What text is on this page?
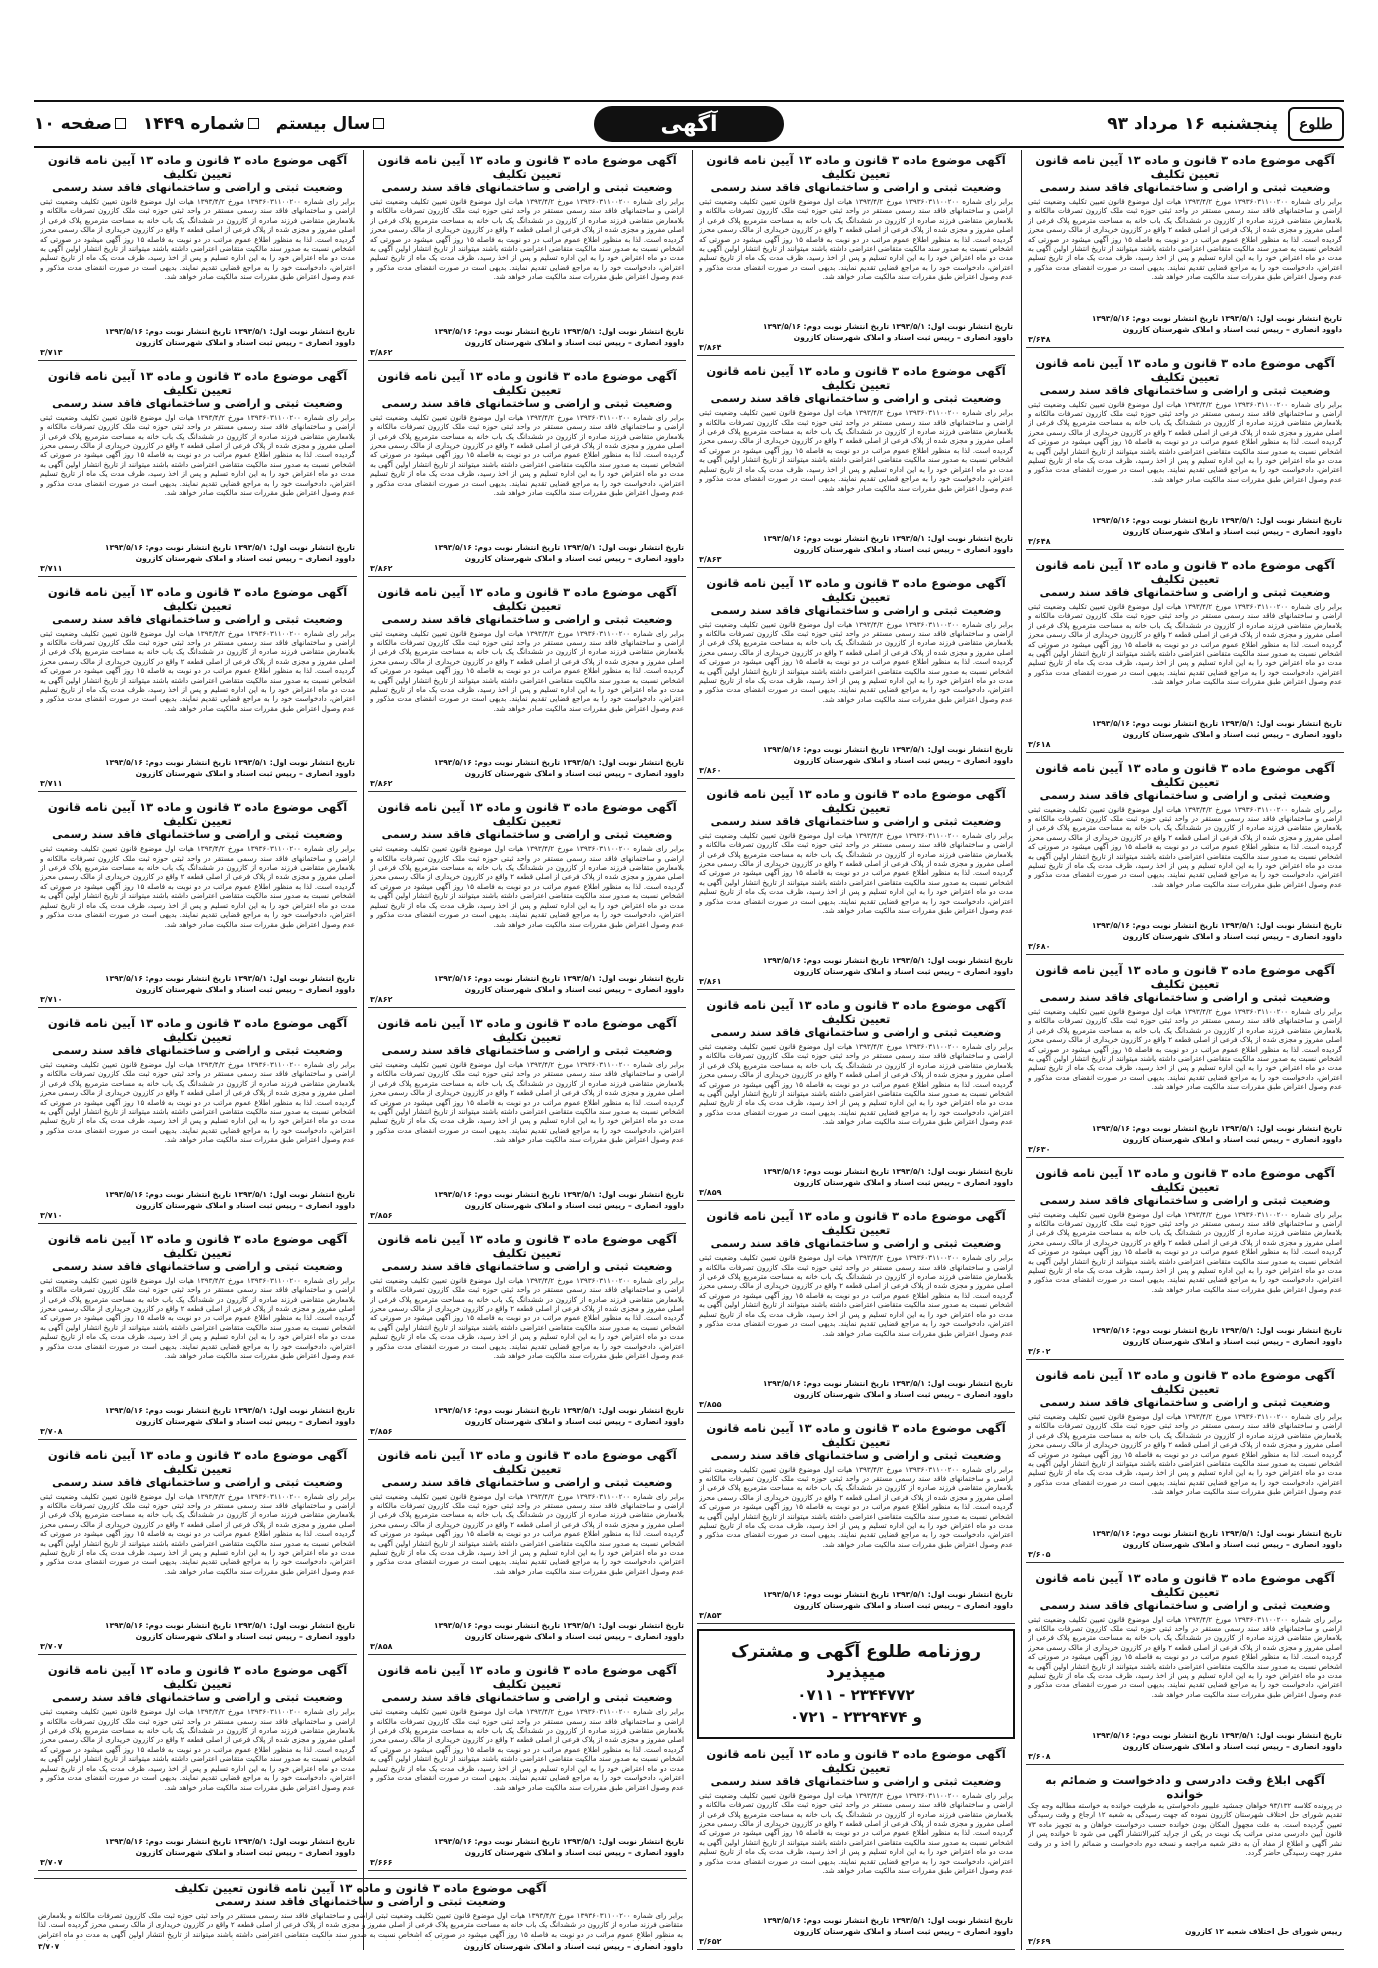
طلوع
پنجشنبه ۱۶ مرداد ۹۳
آگهی
سال بیستم
شماره ۱۴۴۹
صفحه ۱۰
آگهی موضوع ماده ۳ قانون و ماده ۱۳ آیین نامه قانون تعیین تکلیف
وضعیت ثبتی و اراضی و ساختمانهای فاقد سند رسمی
برابر رای شماره ۱۳۹۳۶۰۳۱۱۰۰۲۰۰ مورخ ۱۳۹۳/۴/۲ هیات اول موضوع قانون تعیین تکلیف وضعیت ثبتی اراضی و ساختمانهای فاقد سند رسمی مستقر در واحد ثبتی حوزه ثبت ملک کازرون تصرفات مالکانه و بلامعارض متقاضی فرزند صادره از کازرون در ششدانگ یک باب خانه به مساحت مترمربع پلاک فرعی از اصلی مفروز و مجزی شده از پلاک فرعی از اصلی قطعه ۲ واقع در کازرون خریداری از مالک رسمی محرز گردیده است. لذا به منظور اطلاع عموم مراتب در دو نوبت به فاصله ۱۵ روز آگهی میشود در صورتی که اشخاص نسبت به صدور سند مالکیت متقاضی اعتراضی داشته باشند میتوانند از تاریخ انتشار اولین آگهی به مدت دو ماه اعتراض خود را به این اداره تسلیم و پس از اخذ رسید، ظرف مدت یک ماه از تاریخ تسلیم اعتراض، دادخواست خود را به مراجع قضایی تقدیم نمایند. بدیهی است در صورت انقضای مدت مذکور و عدم وصول اعتراض طبق مقررات سند مالکیت صادر خواهد شد.
تاریخ انتشار نوبت اول: ۱۳۹۳/۵/۱ تاریخ انتشار نوبت دوم: ۱۳۹۳/۵/۱۶
داوود انصاری – رییس ثبت اسناد و املاک شهرستان کازرون
۳/۶۴۸
آگهی موضوع ماده ۳ قانون و ماده ۱۳ آیین نامه قانون تعیین تکلیف
وضعیت ثبتی و اراضی و ساختمانهای فاقد سند رسمی
برابر رای شماره ۱۳۹۳۶۰۳۱۱۰۰۲۰۰ مورخ ۱۳۹۳/۴/۲ هیات اول موضوع قانون تعیین تکلیف وضعیت ثبتی اراضی و ساختمانهای فاقد سند رسمی مستقر در واحد ثبتی حوزه ثبت ملک کازرون تصرفات مالکانه و بلامعارض متقاضی فرزند صادره از کازرون در ششدانگ یک باب خانه به مساحت مترمربع پلاک فرعی از اصلی مفروز و مجزی شده از پلاک فرعی از اصلی قطعه ۲ واقع در کازرون خریداری از مالک رسمی محرز گردیده است. لذا به منظور اطلاع عموم مراتب در دو نوبت به فاصله ۱۵ روز آگهی میشود در صورتی که اشخاص نسبت به صدور سند مالکیت متقاضی اعتراضی داشته باشند میتوانند از تاریخ انتشار اولین آگهی به مدت دو ماه اعتراض خود را به این اداره تسلیم و پس از اخذ رسید، ظرف مدت یک ماه از تاریخ تسلیم اعتراض، دادخواست خود را به مراجع قضایی تقدیم نمایند. بدیهی است در صورت انقضای مدت مذکور و عدم وصول اعتراض طبق مقررات سند مالکیت صادر خواهد شد.
تاریخ انتشار نوبت اول: ۱۳۹۳/۵/۱ تاریخ انتشار نوبت دوم: ۱۳۹۳/۵/۱۶
داوود انصاری – رییس ثبت اسناد و املاک شهرستان کازرون
۳/۶۴۸
آگهی موضوع ماده ۳ قانون و ماده ۱۳ آیین نامه قانون تعیین تکلیف
وضعیت ثبتی و اراضی و ساختمانهای فاقد سند رسمی
برابر رای شماره ۱۳۹۳۶۰۳۱۱۰۰۲۰۰ مورخ ۱۳۹۳/۴/۲ هیات اول موضوع قانون تعیین تکلیف وضعیت ثبتی اراضی و ساختمانهای فاقد سند رسمی مستقر در واحد ثبتی حوزه ثبت ملک کازرون تصرفات مالکانه و بلامعارض متقاضی فرزند صادره از کازرون در ششدانگ یک باب خانه به مساحت مترمربع پلاک فرعی از اصلی مفروز و مجزی شده از پلاک فرعی از اصلی قطعه ۲ واقع در کازرون خریداری از مالک رسمی محرز گردیده است. لذا به منظور اطلاع عموم مراتب در دو نوبت به فاصله ۱۵ روز آگهی میشود در صورتی که اشخاص نسبت به صدور سند مالکیت متقاضی اعتراضی داشته باشند میتوانند از تاریخ انتشار اولین آگهی به مدت دو ماه اعتراض خود را به این اداره تسلیم و پس از اخذ رسید، ظرف مدت یک ماه از تاریخ تسلیم اعتراض، دادخواست خود را به مراجع قضایی تقدیم نمایند. بدیهی است در صورت انقضای مدت مذکور و عدم وصول اعتراض طبق مقررات سند مالکیت صادر خواهد شد.
تاریخ انتشار نوبت اول: ۱۳۹۳/۵/۱ تاریخ انتشار نوبت دوم: ۱۳۹۳/۵/۱۶
داوود انصاری – رییس ثبت اسناد و املاک شهرستان کازرون
۳/۶۱۸
آگهی موضوع ماده ۳ قانون و ماده ۱۳ آیین نامه قانون تعیین تکلیف
وضعیت ثبتی و اراضی و ساختمانهای فاقد سند رسمی
برابر رای شماره ۱۳۹۳۶۰۳۱۱۰۰۲۰۰ مورخ ۱۳۹۳/۴/۲ هیات اول موضوع قانون تعیین تکلیف وضعیت ثبتی اراضی و ساختمانهای فاقد سند رسمی مستقر در واحد ثبتی حوزه ثبت ملک کازرون تصرفات مالکانه و بلامعارض متقاضی فرزند صادره از کازرون در ششدانگ یک باب خانه به مساحت مترمربع پلاک فرعی از اصلی مفروز و مجزی شده از پلاک فرعی از اصلی قطعه ۲ واقع در کازرون خریداری از مالک رسمی محرز گردیده است. لذا به منظور اطلاع عموم مراتب در دو نوبت به فاصله ۱۵ روز آگهی میشود در صورتی که اشخاص نسبت به صدور سند مالکیت متقاضی اعتراضی داشته باشند میتوانند از تاریخ انتشار اولین آگهی به مدت دو ماه اعتراض خود را به این اداره تسلیم و پس از اخذ رسید، ظرف مدت یک ماه از تاریخ تسلیم اعتراض، دادخواست خود را به مراجع قضایی تقدیم نمایند. بدیهی است در صورت انقضای مدت مذکور و عدم وصول اعتراض طبق مقررات سند مالکیت صادر خواهد شد.
تاریخ انتشار نوبت اول: ۱۳۹۳/۵/۱ تاریخ انتشار نوبت دوم: ۱۳۹۳/۵/۱۶
داوود انصاری – رییس ثبت اسناد و املاک شهرستان کازرون
۳/۶۸۰
آگهی موضوع ماده ۳ قانون و ماده ۱۳ آیین نامه قانون تعیین تکلیف
وضعیت ثبتی و اراضی و ساختمانهای فاقد سند رسمی
برابر رای شماره ۱۳۹۳۶۰۳۱۱۰۰۲۰۰ مورخ ۱۳۹۳/۴/۲ هیات اول موضوع قانون تعیین تکلیف وضعیت ثبتی اراضی و ساختمانهای فاقد سند رسمی مستقر در واحد ثبتی حوزه ثبت ملک کازرون تصرفات مالکانه و بلامعارض متقاضی فرزند صادره از کازرون در ششدانگ یک باب خانه به مساحت مترمربع پلاک فرعی از اصلی مفروز و مجزی شده از پلاک فرعی از اصلی قطعه ۲ واقع در کازرون خریداری از مالک رسمی محرز گردیده است. لذا به منظور اطلاع عموم مراتب در دو نوبت به فاصله ۱۵ روز آگهی میشود در صورتی که اشخاص نسبت به صدور سند مالکیت متقاضی اعتراضی داشته باشند میتوانند از تاریخ انتشار اولین آگهی به مدت دو ماه اعتراض خود را به این اداره تسلیم و پس از اخذ رسید، ظرف مدت یک ماه از تاریخ تسلیم اعتراض، دادخواست خود را به مراجع قضایی تقدیم نمایند. بدیهی است در صورت انقضای مدت مذکور و عدم وصول اعتراض طبق مقررات سند مالکیت صادر خواهد شد.
تاریخ انتشار نوبت اول: ۱۳۹۳/۵/۱ تاریخ انتشار نوبت دوم: ۱۳۹۳/۵/۱۶
داوود انصاری – رییس ثبت اسناد و املاک شهرستان کازرون
۳/۶۳۰
آگهی موضوع ماده ۳ قانون و ماده ۱۳ آیین نامه قانون تعیین تکلیف
وضعیت ثبتی و اراضی و ساختمانهای فاقد سند رسمی
برابر رای شماره ۱۳۹۳۶۰۳۱۱۰۰۲۰۰ مورخ ۱۳۹۳/۴/۲ هیات اول موضوع قانون تعیین تکلیف وضعیت ثبتی اراضی و ساختمانهای فاقد سند رسمی مستقر در واحد ثبتی حوزه ثبت ملک کازرون تصرفات مالکانه و بلامعارض متقاضی فرزند صادره از کازرون در ششدانگ یک باب خانه به مساحت مترمربع پلاک فرعی از اصلی مفروز و مجزی شده از پلاک فرعی از اصلی قطعه ۲ واقع در کازرون خریداری از مالک رسمی محرز گردیده است. لذا به منظور اطلاع عموم مراتب در دو نوبت به فاصله ۱۵ روز آگهی میشود در صورتی که اشخاص نسبت به صدور سند مالکیت متقاضی اعتراضی داشته باشند میتوانند از تاریخ انتشار اولین آگهی به مدت دو ماه اعتراض خود را به این اداره تسلیم و پس از اخذ رسید، ظرف مدت یک ماه از تاریخ تسلیم اعتراض، دادخواست خود را به مراجع قضایی تقدیم نمایند. بدیهی است در صورت انقضای مدت مذکور و عدم وصول اعتراض طبق مقررات سند مالکیت صادر خواهد شد.
تاریخ انتشار نوبت اول: ۱۳۹۳/۵/۱ تاریخ انتشار نوبت دوم: ۱۳۹۳/۵/۱۶
داوود انصاری – رییس ثبت اسناد و املاک شهرستان کازرون
۳/۶۰۲
آگهی موضوع ماده ۳ قانون و ماده ۱۳ آیین نامه قانون تعیین تکلیف
وضعیت ثبتی و اراضی و ساختمانهای فاقد سند رسمی
برابر رای شماره ۱۳۹۳۶۰۳۱۱۰۰۲۰۰ مورخ ۱۳۹۳/۴/۲ هیات اول موضوع قانون تعیین تکلیف وضعیت ثبتی اراضی و ساختمانهای فاقد سند رسمی مستقر در واحد ثبتی حوزه ثبت ملک کازرون تصرفات مالکانه و بلامعارض متقاضی فرزند صادره از کازرون در ششدانگ یک باب خانه به مساحت مترمربع پلاک فرعی از اصلی مفروز و مجزی شده از پلاک فرعی از اصلی قطعه ۲ واقع در کازرون خریداری از مالک رسمی محرز گردیده است. لذا به منظور اطلاع عموم مراتب در دو نوبت به فاصله ۱۵ روز آگهی میشود در صورتی که اشخاص نسبت به صدور سند مالکیت متقاضی اعتراضی داشته باشند میتوانند از تاریخ انتشار اولین آگهی به مدت دو ماه اعتراض خود را به این اداره تسلیم و پس از اخذ رسید، ظرف مدت یک ماه از تاریخ تسلیم اعتراض، دادخواست خود را به مراجع قضایی تقدیم نمایند. بدیهی است در صورت انقضای مدت مذکور و عدم وصول اعتراض طبق مقررات سند مالکیت صادر خواهد شد.
تاریخ انتشار نوبت اول: ۱۳۹۳/۵/۱ تاریخ انتشار نوبت دوم: ۱۳۹۳/۵/۱۶
داوود انصاری – رییس ثبت اسناد و املاک شهرستان کازرون
۳/۶۰۵
آگهی موضوع ماده ۳ قانون و ماده ۱۳ آیین نامه قانون تعیین تکلیف
وضعیت ثبتی و اراضی و ساختمانهای فاقد سند رسمی
برابر رای شماره ۱۳۹۳۶۰۳۱۱۰۰۲۰۰ مورخ ۱۳۹۳/۴/۲ هیات اول موضوع قانون تعیین تکلیف وضعیت ثبتی اراضی و ساختمانهای فاقد سند رسمی مستقر در واحد ثبتی حوزه ثبت ملک کازرون تصرفات مالکانه و بلامعارض متقاضی فرزند صادره از کازرون در ششدانگ یک باب خانه به مساحت مترمربع پلاک فرعی از اصلی مفروز و مجزی شده از پلاک فرعی از اصلی قطعه ۲ واقع در کازرون خریداری از مالک رسمی محرز گردیده است. لذا به منظور اطلاع عموم مراتب در دو نوبت به فاصله ۱۵ روز آگهی میشود در صورتی که اشخاص نسبت به صدور سند مالکیت متقاضی اعتراضی داشته باشند میتوانند از تاریخ انتشار اولین آگهی به مدت دو ماه اعتراض خود را به این اداره تسلیم و پس از اخذ رسید، ظرف مدت یک ماه از تاریخ تسلیم اعتراض، دادخواست خود را به مراجع قضایی تقدیم نمایند. بدیهی است در صورت انقضای مدت مذکور و عدم وصول اعتراض طبق مقررات سند مالکیت صادر خواهد شد.
تاریخ انتشار نوبت اول: ۱۳۹۳/۵/۱ تاریخ انتشار نوبت دوم: ۱۳۹۳/۵/۱۶
داوود انصاری – رییس ثبت اسناد و املاک شهرستان کازرون
۳/۶۰۸
آگهی ابلاغ وقت دادرسی و دادخواست و ضمائم به خوانده
در پرونده کلاسه ۹۳/۱۳۲ خواهان جمشید علیپور دادخواستی به طرفیت خوانده به خواسته مطالبه وجه چک تقدیم شورای حل اختلاف شهرستان کازرون نموده که جهت رسیدگی به شعبه ۱۲ ارجاع و وقت رسیدگی تعیین گردیده است. به علت مجهول المکان بودن خوانده حسب درخواست خواهان و به تجویز ماده ۷۳ قانون آیین دادرسی مدنی مراتب یک نوبت در یکی از جراید کثیرالانتشار آگهی می شود تا خوانده پس از نشر آگهی و اطلاع از مفاد آن به دفتر شعبه مراجعه و نسخه دوم دادخواست و ضمائم را اخذ و در وقت مقرر جهت رسیدگی حاضر گردد.
رییس شورای حل اختلاف شعبه ۱۲ کازرون
۳/۶۶۹
آگهی موضوع ماده ۳ قانون و ماده ۱۳ آیین نامه قانون تعیین تکلیف
وضعیت ثبتی و اراضی و ساختمانهای فاقد سند رسمی
برابر رای شماره ۱۳۹۳۶۰۳۱۱۰۰۲۰۰ مورخ ۱۳۹۳/۴/۲ هیات اول موضوع قانون تعیین تکلیف وضعیت ثبتی اراضی و ساختمانهای فاقد سند رسمی مستقر در واحد ثبتی حوزه ثبت ملک کازرون تصرفات مالکانه و بلامعارض متقاضی فرزند صادره از کازرون در ششدانگ یک باب خانه به مساحت مترمربع پلاک فرعی از اصلی مفروز و مجزی شده از پلاک فرعی از اصلی قطعه ۲ واقع در کازرون خریداری از مالک رسمی محرز گردیده است. لذا به منظور اطلاع عموم مراتب در دو نوبت به فاصله ۱۵ روز آگهی میشود در صورتی که اشخاص نسبت به صدور سند مالکیت متقاضی اعتراضی داشته باشند میتوانند از تاریخ انتشار اولین آگهی به مدت دو ماه اعتراض خود را به این اداره تسلیم و پس از اخذ رسید، ظرف مدت یک ماه از تاریخ تسلیم اعتراض، دادخواست خود را به مراجع قضایی تقدیم نمایند. بدیهی است در صورت انقضای مدت مذکور و عدم وصول اعتراض طبق مقررات سند مالکیت صادر خواهد شد.
تاریخ انتشار نوبت اول: ۱۳۹۳/۵/۱ تاریخ انتشار نوبت دوم: ۱۳۹۳/۵/۱۶
داوود انصاری – رییس ثبت اسناد و املاک شهرستان کازرون
۳/۸۶۴
آگهی موضوع ماده ۳ قانون و ماده ۱۳ آیین نامه قانون تعیین تکلیف
وضعیت ثبتی و اراضی و ساختمانهای فاقد سند رسمی
برابر رای شماره ۱۳۹۳۶۰۳۱۱۰۰۲۰۰ مورخ ۱۳۹۳/۴/۲ هیات اول موضوع قانون تعیین تکلیف وضعیت ثبتی اراضی و ساختمانهای فاقد سند رسمی مستقر در واحد ثبتی حوزه ثبت ملک کازرون تصرفات مالکانه و بلامعارض متقاضی فرزند صادره از کازرون در ششدانگ یک باب خانه به مساحت مترمربع پلاک فرعی از اصلی مفروز و مجزی شده از پلاک فرعی از اصلی قطعه ۲ واقع در کازرون خریداری از مالک رسمی محرز گردیده است. لذا به منظور اطلاع عموم مراتب در دو نوبت به فاصله ۱۵ روز آگهی میشود در صورتی که اشخاص نسبت به صدور سند مالکیت متقاضی اعتراضی داشته باشند میتوانند از تاریخ انتشار اولین آگهی به مدت دو ماه اعتراض خود را به این اداره تسلیم و پس از اخذ رسید، ظرف مدت یک ماه از تاریخ تسلیم اعتراض، دادخواست خود را به مراجع قضایی تقدیم نمایند. بدیهی است در صورت انقضای مدت مذکور و عدم وصول اعتراض طبق مقررات سند مالکیت صادر خواهد شد.
تاریخ انتشار نوبت اول: ۱۳۹۳/۵/۱ تاریخ انتشار نوبت دوم: ۱۳۹۳/۵/۱۶
داوود انصاری – رییس ثبت اسناد و املاک شهرستان کازرون
۳/۸۶۳
آگهی موضوع ماده ۳ قانون و ماده ۱۳ آیین نامه قانون تعیین تکلیف
وضعیت ثبتی و اراضی و ساختمانهای فاقد سند رسمی
برابر رای شماره ۱۳۹۳۶۰۳۱۱۰۰۲۰۰ مورخ ۱۳۹۳/۴/۲ هیات اول موضوع قانون تعیین تکلیف وضعیت ثبتی اراضی و ساختمانهای فاقد سند رسمی مستقر در واحد ثبتی حوزه ثبت ملک کازرون تصرفات مالکانه و بلامعارض متقاضی فرزند صادره از کازرون در ششدانگ یک باب خانه به مساحت مترمربع پلاک فرعی از اصلی مفروز و مجزی شده از پلاک فرعی از اصلی قطعه ۲ واقع در کازرون خریداری از مالک رسمی محرز گردیده است. لذا به منظور اطلاع عموم مراتب در دو نوبت به فاصله ۱۵ روز آگهی میشود در صورتی که اشخاص نسبت به صدور سند مالکیت متقاضی اعتراضی داشته باشند میتوانند از تاریخ انتشار اولین آگهی به مدت دو ماه اعتراض خود را به این اداره تسلیم و پس از اخذ رسید، ظرف مدت یک ماه از تاریخ تسلیم اعتراض، دادخواست خود را به مراجع قضایی تقدیم نمایند. بدیهی است در صورت انقضای مدت مذکور و عدم وصول اعتراض طبق مقررات سند مالکیت صادر خواهد شد.
تاریخ انتشار نوبت اول: ۱۳۹۳/۵/۱ تاریخ انتشار نوبت دوم: ۱۳۹۳/۵/۱۶
داوود انصاری – رییس ثبت اسناد و املاک شهرستان کازرون
۳/۸۶۰
آگهی موضوع ماده ۳ قانون و ماده ۱۳ آیین نامه قانون تعیین تکلیف
وضعیت ثبتی و اراضی و ساختمانهای فاقد سند رسمی
برابر رای شماره ۱۳۹۳۶۰۳۱۱۰۰۲۰۰ مورخ ۱۳۹۳/۴/۲ هیات اول موضوع قانون تعیین تکلیف وضعیت ثبتی اراضی و ساختمانهای فاقد سند رسمی مستقر در واحد ثبتی حوزه ثبت ملک کازرون تصرفات مالکانه و بلامعارض متقاضی فرزند صادره از کازرون در ششدانگ یک باب خانه به مساحت مترمربع پلاک فرعی از اصلی مفروز و مجزی شده از پلاک فرعی از اصلی قطعه ۲ واقع در کازرون خریداری از مالک رسمی محرز گردیده است. لذا به منظور اطلاع عموم مراتب در دو نوبت به فاصله ۱۵ روز آگهی میشود در صورتی که اشخاص نسبت به صدور سند مالکیت متقاضی اعتراضی داشته باشند میتوانند از تاریخ انتشار اولین آگهی به مدت دو ماه اعتراض خود را به این اداره تسلیم و پس از اخذ رسید، ظرف مدت یک ماه از تاریخ تسلیم اعتراض، دادخواست خود را به مراجع قضایی تقدیم نمایند. بدیهی است در صورت انقضای مدت مذکور و عدم وصول اعتراض طبق مقررات سند مالکیت صادر خواهد شد.
تاریخ انتشار نوبت اول: ۱۳۹۳/۵/۱ تاریخ انتشار نوبت دوم: ۱۳۹۳/۵/۱۶
داوود انصاری – رییس ثبت اسناد و املاک شهرستان کازرون
۳/۸۶۱
آگهی موضوع ماده ۳ قانون و ماده ۱۳ آیین نامه قانون تعیین تکلیف
وضعیت ثبتی و اراضی و ساختمانهای فاقد سند رسمی
برابر رای شماره ۱۳۹۳۶۰۳۱۱۰۰۲۰۰ مورخ ۱۳۹۳/۴/۲ هیات اول موضوع قانون تعیین تکلیف وضعیت ثبتی اراضی و ساختمانهای فاقد سند رسمی مستقر در واحد ثبتی حوزه ثبت ملک کازرون تصرفات مالکانه و بلامعارض متقاضی فرزند صادره از کازرون در ششدانگ یک باب خانه به مساحت مترمربع پلاک فرعی از اصلی مفروز و مجزی شده از پلاک فرعی از اصلی قطعه ۲ واقع در کازرون خریداری از مالک رسمی محرز گردیده است. لذا به منظور اطلاع عموم مراتب در دو نوبت به فاصله ۱۵ روز آگهی میشود در صورتی که اشخاص نسبت به صدور سند مالکیت متقاضی اعتراضی داشته باشند میتوانند از تاریخ انتشار اولین آگهی به مدت دو ماه اعتراض خود را به این اداره تسلیم و پس از اخذ رسید، ظرف مدت یک ماه از تاریخ تسلیم اعتراض، دادخواست خود را به مراجع قضایی تقدیم نمایند. بدیهی است در صورت انقضای مدت مذکور و عدم وصول اعتراض طبق مقررات سند مالکیت صادر خواهد شد.
تاریخ انتشار نوبت اول: ۱۳۹۳/۵/۱ تاریخ انتشار نوبت دوم: ۱۳۹۳/۵/۱۶
داوود انصاری – رییس ثبت اسناد و املاک شهرستان کازرون
۳/۸۵۹
آگهی موضوع ماده ۳ قانون و ماده ۱۳ آیین نامه قانون تعیین تکلیف
وضعیت ثبتی و اراضی و ساختمانهای فاقد سند رسمی
برابر رای شماره ۱۳۹۳۶۰۳۱۱۰۰۲۰۰ مورخ ۱۳۹۳/۴/۲ هیات اول موضوع قانون تعیین تکلیف وضعیت ثبتی اراضی و ساختمانهای فاقد سند رسمی مستقر در واحد ثبتی حوزه ثبت ملک کازرون تصرفات مالکانه و بلامعارض متقاضی فرزند صادره از کازرون در ششدانگ یک باب خانه به مساحت مترمربع پلاک فرعی از اصلی مفروز و مجزی شده از پلاک فرعی از اصلی قطعه ۲ واقع در کازرون خریداری از مالک رسمی محرز گردیده است. لذا به منظور اطلاع عموم مراتب در دو نوبت به فاصله ۱۵ روز آگهی میشود در صورتی که اشخاص نسبت به صدور سند مالکیت متقاضی اعتراضی داشته باشند میتوانند از تاریخ انتشار اولین آگهی به مدت دو ماه اعتراض خود را به این اداره تسلیم و پس از اخذ رسید، ظرف مدت یک ماه از تاریخ تسلیم اعتراض، دادخواست خود را به مراجع قضایی تقدیم نمایند. بدیهی است در صورت انقضای مدت مذکور و عدم وصول اعتراض طبق مقررات سند مالکیت صادر خواهد شد.
تاریخ انتشار نوبت اول: ۱۳۹۳/۵/۱ تاریخ انتشار نوبت دوم: ۱۳۹۳/۵/۱۶
داوود انصاری – رییس ثبت اسناد و املاک شهرستان کازرون
۳/۸۵۵
آگهی موضوع ماده ۳ قانون و ماده ۱۳ آیین نامه قانون تعیین تکلیف
وضعیت ثبتی و اراضی و ساختمانهای فاقد سند رسمی
برابر رای شماره ۱۳۹۳۶۰۳۱۱۰۰۲۰۰ مورخ ۱۳۹۳/۴/۲ هیات اول موضوع قانون تعیین تکلیف وضعیت ثبتی اراضی و ساختمانهای فاقد سند رسمی مستقر در واحد ثبتی حوزه ثبت ملک کازرون تصرفات مالکانه و بلامعارض متقاضی فرزند صادره از کازرون در ششدانگ یک باب خانه به مساحت مترمربع پلاک فرعی از اصلی مفروز و مجزی شده از پلاک فرعی از اصلی قطعه ۲ واقع در کازرون خریداری از مالک رسمی محرز گردیده است. لذا به منظور اطلاع عموم مراتب در دو نوبت به فاصله ۱۵ روز آگهی میشود در صورتی که اشخاص نسبت به صدور سند مالکیت متقاضی اعتراضی داشته باشند میتوانند از تاریخ انتشار اولین آگهی به مدت دو ماه اعتراض خود را به این اداره تسلیم و پس از اخذ رسید، ظرف مدت یک ماه از تاریخ تسلیم اعتراض، دادخواست خود را به مراجع قضایی تقدیم نمایند. بدیهی است در صورت انقضای مدت مذکور و عدم وصول اعتراض طبق مقررات سند مالکیت صادر خواهد شد.
تاریخ انتشار نوبت اول: ۱۳۹۳/۵/۱ تاریخ انتشار نوبت دوم: ۱۳۹۳/۵/۱۶
داوود انصاری – رییس ثبت اسناد و املاک شهرستان کازرون
۳/۸۵۳
روزنامه طلوع آگهی و مشترک میپذیرد
۰۷۱۱ - ۲۳۴۴۷۷۲
و ۲۳۲۹۴۷۴ - ۰۷۲۱
آگهی موضوع ماده ۳ قانون و ماده ۱۳ آیین نامه قانون تعیین تکلیف
وضعیت ثبتی و اراضی و ساختمانهای فاقد سند رسمی
برابر رای شماره ۱۳۹۳۶۰۳۱۱۰۰۲۰۰ مورخ ۱۳۹۳/۴/۲ هیات اول موضوع قانون تعیین تکلیف وضعیت ثبتی اراضی و ساختمانهای فاقد سند رسمی مستقر در واحد ثبتی حوزه ثبت ملک کازرون تصرفات مالکانه و بلامعارض متقاضی فرزند صادره از کازرون در ششدانگ یک باب خانه به مساحت مترمربع پلاک فرعی از اصلی مفروز و مجزی شده از پلاک فرعی از اصلی قطعه ۲ واقع در کازرون خریداری از مالک رسمی محرز گردیده است. لذا به منظور اطلاع عموم مراتب در دو نوبت به فاصله ۱۵ روز آگهی میشود در صورتی که اشخاص نسبت به صدور سند مالکیت متقاضی اعتراضی داشته باشند میتوانند از تاریخ انتشار اولین آگهی به مدت دو ماه اعتراض خود را به این اداره تسلیم و پس از اخذ رسید، ظرف مدت یک ماه از تاریخ تسلیم اعتراض، دادخواست خود را به مراجع قضایی تقدیم نمایند. بدیهی است در صورت انقضای مدت مذکور و عدم وصول اعتراض طبق مقررات سند مالکیت صادر خواهد شد.
تاریخ انتشار نوبت اول: ۱۳۹۳/۵/۱ تاریخ انتشار نوبت دوم: ۱۳۹۳/۵/۱۶
داوود انصاری – رییس ثبت اسناد و املاک شهرستان کازرون
۳/۶۵۲
آگهی موضوع ماده ۳ قانون و ماده ۱۳ آیین نامه قانون تعیین تکلیف
وضعیت ثبتی و اراضی و ساختمانهای فاقد سند رسمی
برابر رای شماره ۱۳۹۳۶۰۳۱۱۰۰۲۰۰ مورخ ۱۳۹۳/۴/۲ هیات اول موضوع قانون تعیین تکلیف وضعیت ثبتی اراضی و ساختمانهای فاقد سند رسمی مستقر در واحد ثبتی حوزه ثبت ملک کازرون تصرفات مالکانه و بلامعارض متقاضی فرزند صادره از کازرون در ششدانگ یک باب خانه به مساحت مترمربع پلاک فرعی از اصلی مفروز و مجزی شده از پلاک فرعی از اصلی قطعه ۲ واقع در کازرون خریداری از مالک رسمی محرز گردیده است. لذا به منظور اطلاع عموم مراتب در دو نوبت به فاصله ۱۵ روز آگهی میشود در صورتی که اشخاص نسبت به صدور سند مالکیت متقاضی اعتراضی داشته باشند میتوانند از تاریخ انتشار اولین آگهی به مدت دو ماه اعتراض خود را به این اداره تسلیم و پس از اخذ رسید، ظرف مدت یک ماه از تاریخ تسلیم اعتراض، دادخواست خود را به مراجع قضایی تقدیم نمایند. بدیهی است در صورت انقضای مدت مذکور و عدم وصول اعتراض طبق مقررات سند مالکیت صادر خواهد شد.
تاریخ انتشار نوبت اول: ۱۳۹۳/۵/۱ تاریخ انتشار نوبت دوم: ۱۳۹۳/۵/۱۶
داوود انصاری – رییس ثبت اسناد و املاک شهرستان کازرون
۳/۸۶۲
آگهی موضوع ماده ۳ قانون و ماده ۱۳ آیین نامه قانون تعیین تکلیف
وضعیت ثبتی و اراضی و ساختمانهای فاقد سند رسمی
برابر رای شماره ۱۳۹۳۶۰۳۱۱۰۰۲۰۰ مورخ ۱۳۹۳/۴/۲ هیات اول موضوع قانون تعیین تکلیف وضعیت ثبتی اراضی و ساختمانهای فاقد سند رسمی مستقر در واحد ثبتی حوزه ثبت ملک کازرون تصرفات مالکانه و بلامعارض متقاضی فرزند صادره از کازرون در ششدانگ یک باب خانه به مساحت مترمربع پلاک فرعی از اصلی مفروز و مجزی شده از پلاک فرعی از اصلی قطعه ۲ واقع در کازرون خریداری از مالک رسمی محرز گردیده است. لذا به منظور اطلاع عموم مراتب در دو نوبت به فاصله ۱۵ روز آگهی میشود در صورتی که اشخاص نسبت به صدور سند مالکیت متقاضی اعتراضی داشته باشند میتوانند از تاریخ انتشار اولین آگهی به مدت دو ماه اعتراض خود را به این اداره تسلیم و پس از اخذ رسید، ظرف مدت یک ماه از تاریخ تسلیم اعتراض، دادخواست خود را به مراجع قضایی تقدیم نمایند. بدیهی است در صورت انقضای مدت مذکور و عدم وصول اعتراض طبق مقررات سند مالکیت صادر خواهد شد.
تاریخ انتشار نوبت اول: ۱۳۹۳/۵/۱ تاریخ انتشار نوبت دوم: ۱۳۹۳/۵/۱۶
داوود انصاری – رییس ثبت اسناد و املاک شهرستان کازرون
۳/۸۶۲
آگهی موضوع ماده ۳ قانون و ماده ۱۳ آیین نامه قانون تعیین تکلیف
وضعیت ثبتی و اراضی و ساختمانهای فاقد سند رسمی
برابر رای شماره ۱۳۹۳۶۰۳۱۱۰۰۲۰۰ مورخ ۱۳۹۳/۴/۲ هیات اول موضوع قانون تعیین تکلیف وضعیت ثبتی اراضی و ساختمانهای فاقد سند رسمی مستقر در واحد ثبتی حوزه ثبت ملک کازرون تصرفات مالکانه و بلامعارض متقاضی فرزند صادره از کازرون در ششدانگ یک باب خانه به مساحت مترمربع پلاک فرعی از اصلی مفروز و مجزی شده از پلاک فرعی از اصلی قطعه ۲ واقع در کازرون خریداری از مالک رسمی محرز گردیده است. لذا به منظور اطلاع عموم مراتب در دو نوبت به فاصله ۱۵ روز آگهی میشود در صورتی که اشخاص نسبت به صدور سند مالکیت متقاضی اعتراضی داشته باشند میتوانند از تاریخ انتشار اولین آگهی به مدت دو ماه اعتراض خود را به این اداره تسلیم و پس از اخذ رسید، ظرف مدت یک ماه از تاریخ تسلیم اعتراض، دادخواست خود را به مراجع قضایی تقدیم نمایند. بدیهی است در صورت انقضای مدت مذکور و عدم وصول اعتراض طبق مقررات سند مالکیت صادر خواهد شد.
تاریخ انتشار نوبت اول: ۱۳۹۳/۵/۱ تاریخ انتشار نوبت دوم: ۱۳۹۳/۵/۱۶
داوود انصاری – رییس ثبت اسناد و املاک شهرستان کازرون
۳/۸۶۲
آگهی موضوع ماده ۳ قانون و ماده ۱۳ آیین نامه قانون تعیین تکلیف
وضعیت ثبتی و اراضی و ساختمانهای فاقد سند رسمی
برابر رای شماره ۱۳۹۳۶۰۳۱۱۰۰۲۰۰ مورخ ۱۳۹۳/۴/۲ هیات اول موضوع قانون تعیین تکلیف وضعیت ثبتی اراضی و ساختمانهای فاقد سند رسمی مستقر در واحد ثبتی حوزه ثبت ملک کازرون تصرفات مالکانه و بلامعارض متقاضی فرزند صادره از کازرون در ششدانگ یک باب خانه به مساحت مترمربع پلاک فرعی از اصلی مفروز و مجزی شده از پلاک فرعی از اصلی قطعه ۲ واقع در کازرون خریداری از مالک رسمی محرز گردیده است. لذا به منظور اطلاع عموم مراتب در دو نوبت به فاصله ۱۵ روز آگهی میشود در صورتی که اشخاص نسبت به صدور سند مالکیت متقاضی اعتراضی داشته باشند میتوانند از تاریخ انتشار اولین آگهی به مدت دو ماه اعتراض خود را به این اداره تسلیم و پس از اخذ رسید، ظرف مدت یک ماه از تاریخ تسلیم اعتراض، دادخواست خود را به مراجع قضایی تقدیم نمایند. بدیهی است در صورت انقضای مدت مذکور و عدم وصول اعتراض طبق مقررات سند مالکیت صادر خواهد شد.
تاریخ انتشار نوبت اول: ۱۳۹۳/۵/۱ تاریخ انتشار نوبت دوم: ۱۳۹۳/۵/۱۶
داوود انصاری – رییس ثبت اسناد و املاک شهرستان کازرون
۳/۸۶۲
آگهی موضوع ماده ۳ قانون و ماده ۱۳ آیین نامه قانون تعیین تکلیف
وضعیت ثبتی و اراضی و ساختمانهای فاقد سند رسمی
برابر رای شماره ۱۳۹۳۶۰۳۱۱۰۰۲۰۰ مورخ ۱۳۹۳/۴/۲ هیات اول موضوع قانون تعیین تکلیف وضعیت ثبتی اراضی و ساختمانهای فاقد سند رسمی مستقر در واحد ثبتی حوزه ثبت ملک کازرون تصرفات مالکانه و بلامعارض متقاضی فرزند صادره از کازرون در ششدانگ یک باب خانه به مساحت مترمربع پلاک فرعی از اصلی مفروز و مجزی شده از پلاک فرعی از اصلی قطعه ۲ واقع در کازرون خریداری از مالک رسمی محرز گردیده است. لذا به منظور اطلاع عموم مراتب در دو نوبت به فاصله ۱۵ روز آگهی میشود در صورتی که اشخاص نسبت به صدور سند مالکیت متقاضی اعتراضی داشته باشند میتوانند از تاریخ انتشار اولین آگهی به مدت دو ماه اعتراض خود را به این اداره تسلیم و پس از اخذ رسید، ظرف مدت یک ماه از تاریخ تسلیم اعتراض، دادخواست خود را به مراجع قضایی تقدیم نمایند. بدیهی است در صورت انقضای مدت مذکور و عدم وصول اعتراض طبق مقررات سند مالکیت صادر خواهد شد.
تاریخ انتشار نوبت اول: ۱۳۹۳/۵/۱ تاریخ انتشار نوبت دوم: ۱۳۹۳/۵/۱۶
داوود انصاری – رییس ثبت اسناد و املاک شهرستان کازرون
۳/۸۵۶
آگهی موضوع ماده ۳ قانون و ماده ۱۳ آیین نامه قانون تعیین تکلیف
وضعیت ثبتی و اراضی و ساختمانهای فاقد سند رسمی
برابر رای شماره ۱۳۹۳۶۰۳۱۱۰۰۲۰۰ مورخ ۱۳۹۳/۴/۲ هیات اول موضوع قانون تعیین تکلیف وضعیت ثبتی اراضی و ساختمانهای فاقد سند رسمی مستقر در واحد ثبتی حوزه ثبت ملک کازرون تصرفات مالکانه و بلامعارض متقاضی فرزند صادره از کازرون در ششدانگ یک باب خانه به مساحت مترمربع پلاک فرعی از اصلی مفروز و مجزی شده از پلاک فرعی از اصلی قطعه ۲ واقع در کازرون خریداری از مالک رسمی محرز گردیده است. لذا به منظور اطلاع عموم مراتب در دو نوبت به فاصله ۱۵ روز آگهی میشود در صورتی که اشخاص نسبت به صدور سند مالکیت متقاضی اعتراضی داشته باشند میتوانند از تاریخ انتشار اولین آگهی به مدت دو ماه اعتراض خود را به این اداره تسلیم و پس از اخذ رسید، ظرف مدت یک ماه از تاریخ تسلیم اعتراض، دادخواست خود را به مراجع قضایی تقدیم نمایند. بدیهی است در صورت انقضای مدت مذکور و عدم وصول اعتراض طبق مقررات سند مالکیت صادر خواهد شد.
تاریخ انتشار نوبت اول: ۱۳۹۳/۵/۱ تاریخ انتشار نوبت دوم: ۱۳۹۳/۵/۱۶
داوود انصاری – رییس ثبت اسناد و املاک شهرستان کازرون
۳/۸۵۶
آگهی موضوع ماده ۳ قانون و ماده ۱۳ آیین نامه قانون تعیین تکلیف
وضعیت ثبتی و اراضی و ساختمانهای فاقد سند رسمی
برابر رای شماره ۱۳۹۳۶۰۳۱۱۰۰۲۰۰ مورخ ۱۳۹۳/۴/۲ هیات اول موضوع قانون تعیین تکلیف وضعیت ثبتی اراضی و ساختمانهای فاقد سند رسمی مستقر در واحد ثبتی حوزه ثبت ملک کازرون تصرفات مالکانه و بلامعارض متقاضی فرزند صادره از کازرون در ششدانگ یک باب خانه به مساحت مترمربع پلاک فرعی از اصلی مفروز و مجزی شده از پلاک فرعی از اصلی قطعه ۲ واقع در کازرون خریداری از مالک رسمی محرز گردیده است. لذا به منظور اطلاع عموم مراتب در دو نوبت به فاصله ۱۵ روز آگهی میشود در صورتی که اشخاص نسبت به صدور سند مالکیت متقاضی اعتراضی داشته باشند میتوانند از تاریخ انتشار اولین آگهی به مدت دو ماه اعتراض خود را به این اداره تسلیم و پس از اخذ رسید، ظرف مدت یک ماه از تاریخ تسلیم اعتراض، دادخواست خود را به مراجع قضایی تقدیم نمایند. بدیهی است در صورت انقضای مدت مذکور و عدم وصول اعتراض طبق مقررات سند مالکیت صادر خواهد شد.
تاریخ انتشار نوبت اول: ۱۳۹۳/۵/۱ تاریخ انتشار نوبت دوم: ۱۳۹۳/۵/۱۶
داوود انصاری – رییس ثبت اسناد و املاک شهرستان کازرون
۳/۸۵۸
آگهی موضوع ماده ۳ قانون و ماده ۱۳ آیین نامه قانون تعیین تکلیف
وضعیت ثبتی و اراضی و ساختمانهای فاقد سند رسمی
برابر رای شماره ۱۳۹۳۶۰۳۱۱۰۰۲۰۰ مورخ ۱۳۹۳/۴/۲ هیات اول موضوع قانون تعیین تکلیف وضعیت ثبتی اراضی و ساختمانهای فاقد سند رسمی مستقر در واحد ثبتی حوزه ثبت ملک کازرون تصرفات مالکانه و بلامعارض متقاضی فرزند صادره از کازرون در ششدانگ یک باب خانه به مساحت مترمربع پلاک فرعی از اصلی مفروز و مجزی شده از پلاک فرعی از اصلی قطعه ۲ واقع در کازرون خریداری از مالک رسمی محرز گردیده است. لذا به منظور اطلاع عموم مراتب در دو نوبت به فاصله ۱۵ روز آگهی میشود در صورتی که اشخاص نسبت به صدور سند مالکیت متقاضی اعتراضی داشته باشند میتوانند از تاریخ انتشار اولین آگهی به مدت دو ماه اعتراض خود را به این اداره تسلیم و پس از اخذ رسید، ظرف مدت یک ماه از تاریخ تسلیم اعتراض، دادخواست خود را به مراجع قضایی تقدیم نمایند. بدیهی است در صورت انقضای مدت مذکور و عدم وصول اعتراض طبق مقررات سند مالکیت صادر خواهد شد.
تاریخ انتشار نوبت اول: ۱۳۹۳/۵/۱ تاریخ انتشار نوبت دوم: ۱۳۹۳/۵/۱۶
داوود انصاری – رییس ثبت اسناد و املاک شهرستان کازرون
۳/۶۶۶
آگهی موضوع ماده ۳ قانون و ماده ۱۳ آیین نامه قانون تعیین تکلیف
وضعیت ثبتی و اراضی و ساختمانهای فاقد سند رسمی
برابر رای شماره ۱۳۹۳۶۰۳۱۱۰۰۲۰۰ مورخ ۱۳۹۳/۴/۲ هیات اول موضوع قانون تعیین تکلیف وضعیت ثبتی اراضی و ساختمانهای فاقد سند رسمی مستقر در واحد ثبتی حوزه ثبت ملک کازرون تصرفات مالکانه و بلامعارض متقاضی فرزند صادره از کازرون در ششدانگ یک باب خانه به مساحت مترمربع پلاک فرعی از اصلی مفروز و مجزی شده از پلاک فرعی از اصلی قطعه ۲ واقع در کازرون خریداری از مالک رسمی محرز گردیده است. لذا به منظور اطلاع عموم مراتب در دو نوبت به فاصله ۱۵ روز آگهی میشود در صورتی که اشخاص نسبت به صدور سند مالکیت متقاضی اعتراضی داشته باشند میتوانند از تاریخ انتشار اولین آگهی به مدت دو ماه اعتراض خود را به این اداره تسلیم و پس از اخذ رسید، ظرف مدت یک ماه از تاریخ تسلیم اعتراض، دادخواست خود را به مراجع قضایی تقدیم نمایند. بدیهی است در صورت انقضای مدت مذکور و عدم وصول اعتراض طبق مقررات سند مالکیت صادر خواهد شد.
تاریخ انتشار نوبت اول: ۱۳۹۳/۵/۱ تاریخ انتشار نوبت دوم: ۱۳۹۳/۵/۱۶
داوود انصاری – رییس ثبت اسناد و املاک شهرستان کازرون
۳/۷۱۳
آگهی موضوع ماده ۳ قانون و ماده ۱۳ آیین نامه قانون تعیین تکلیف
وضعیت ثبتی و اراضی و ساختمانهای فاقد سند رسمی
برابر رای شماره ۱۳۹۳۶۰۳۱۱۰۰۲۰۰ مورخ ۱۳۹۳/۴/۲ هیات اول موضوع قانون تعیین تکلیف وضعیت ثبتی اراضی و ساختمانهای فاقد سند رسمی مستقر در واحد ثبتی حوزه ثبت ملک کازرون تصرفات مالکانه و بلامعارض متقاضی فرزند صادره از کازرون در ششدانگ یک باب خانه به مساحت مترمربع پلاک فرعی از اصلی مفروز و مجزی شده از پلاک فرعی از اصلی قطعه ۲ واقع در کازرون خریداری از مالک رسمی محرز گردیده است. لذا به منظور اطلاع عموم مراتب در دو نوبت به فاصله ۱۵ روز آگهی میشود در صورتی که اشخاص نسبت به صدور سند مالکیت متقاضی اعتراضی داشته باشند میتوانند از تاریخ انتشار اولین آگهی به مدت دو ماه اعتراض خود را به این اداره تسلیم و پس از اخذ رسید، ظرف مدت یک ماه از تاریخ تسلیم اعتراض، دادخواست خود را به مراجع قضایی تقدیم نمایند. بدیهی است در صورت انقضای مدت مذکور و عدم وصول اعتراض طبق مقررات سند مالکیت صادر خواهد شد.
تاریخ انتشار نوبت اول: ۱۳۹۳/۵/۱ تاریخ انتشار نوبت دوم: ۱۳۹۳/۵/۱۶
داوود انصاری – رییس ثبت اسناد و املاک شهرستان کازرون
۳/۷۱۱
آگهی موضوع ماده ۳ قانون و ماده ۱۳ آیین نامه قانون تعیین تکلیف
وضعیت ثبتی و اراضی و ساختمانهای فاقد سند رسمی
برابر رای شماره ۱۳۹۳۶۰۳۱۱۰۰۲۰۰ مورخ ۱۳۹۳/۴/۲ هیات اول موضوع قانون تعیین تکلیف وضعیت ثبتی اراضی و ساختمانهای فاقد سند رسمی مستقر در واحد ثبتی حوزه ثبت ملک کازرون تصرفات مالکانه و بلامعارض متقاضی فرزند صادره از کازرون در ششدانگ یک باب خانه به مساحت مترمربع پلاک فرعی از اصلی مفروز و مجزی شده از پلاک فرعی از اصلی قطعه ۲ واقع در کازرون خریداری از مالک رسمی محرز گردیده است. لذا به منظور اطلاع عموم مراتب در دو نوبت به فاصله ۱۵ روز آگهی میشود در صورتی که اشخاص نسبت به صدور سند مالکیت متقاضی اعتراضی داشته باشند میتوانند از تاریخ انتشار اولین آگهی به مدت دو ماه اعتراض خود را به این اداره تسلیم و پس از اخذ رسید، ظرف مدت یک ماه از تاریخ تسلیم اعتراض، دادخواست خود را به مراجع قضایی تقدیم نمایند. بدیهی است در صورت انقضای مدت مذکور و عدم وصول اعتراض طبق مقررات سند مالکیت صادر خواهد شد.
تاریخ انتشار نوبت اول: ۱۳۹۳/۵/۱ تاریخ انتشار نوبت دوم: ۱۳۹۳/۵/۱۶
داوود انصاری – رییس ثبت اسناد و املاک شهرستان کازرون
۳/۷۱۱
آگهی موضوع ماده ۳ قانون و ماده ۱۳ آیین نامه قانون تعیین تکلیف
وضعیت ثبتی و اراضی و ساختمانهای فاقد سند رسمی
برابر رای شماره ۱۳۹۳۶۰۳۱۱۰۰۲۰۰ مورخ ۱۳۹۳/۴/۲ هیات اول موضوع قانون تعیین تکلیف وضعیت ثبتی اراضی و ساختمانهای فاقد سند رسمی مستقر در واحد ثبتی حوزه ثبت ملک کازرون تصرفات مالکانه و بلامعارض متقاضی فرزند صادره از کازرون در ششدانگ یک باب خانه به مساحت مترمربع پلاک فرعی از اصلی مفروز و مجزی شده از پلاک فرعی از اصلی قطعه ۲ واقع در کازرون خریداری از مالک رسمی محرز گردیده است. لذا به منظور اطلاع عموم مراتب در دو نوبت به فاصله ۱۵ روز آگهی میشود در صورتی که اشخاص نسبت به صدور سند مالکیت متقاضی اعتراضی داشته باشند میتوانند از تاریخ انتشار اولین آگهی به مدت دو ماه اعتراض خود را به این اداره تسلیم و پس از اخذ رسید، ظرف مدت یک ماه از تاریخ تسلیم اعتراض، دادخواست خود را به مراجع قضایی تقدیم نمایند. بدیهی است در صورت انقضای مدت مذکور و عدم وصول اعتراض طبق مقررات سند مالکیت صادر خواهد شد.
تاریخ انتشار نوبت اول: ۱۳۹۳/۵/۱ تاریخ انتشار نوبت دوم: ۱۳۹۳/۵/۱۶
داوود انصاری – رییس ثبت اسناد و املاک شهرستان کازرون
۳/۷۱۰
آگهی موضوع ماده ۳ قانون و ماده ۱۳ آیین نامه قانون تعیین تکلیف
وضعیت ثبتی و اراضی و ساختمانهای فاقد سند رسمی
برابر رای شماره ۱۳۹۳۶۰۳۱۱۰۰۲۰۰ مورخ ۱۳۹۳/۴/۲ هیات اول موضوع قانون تعیین تکلیف وضعیت ثبتی اراضی و ساختمانهای فاقد سند رسمی مستقر در واحد ثبتی حوزه ثبت ملک کازرون تصرفات مالکانه و بلامعارض متقاضی فرزند صادره از کازرون در ششدانگ یک باب خانه به مساحت مترمربع پلاک فرعی از اصلی مفروز و مجزی شده از پلاک فرعی از اصلی قطعه ۲ واقع در کازرون خریداری از مالک رسمی محرز گردیده است. لذا به منظور اطلاع عموم مراتب در دو نوبت به فاصله ۱۵ روز آگهی میشود در صورتی که اشخاص نسبت به صدور سند مالکیت متقاضی اعتراضی داشته باشند میتوانند از تاریخ انتشار اولین آگهی به مدت دو ماه اعتراض خود را به این اداره تسلیم و پس از اخذ رسید، ظرف مدت یک ماه از تاریخ تسلیم اعتراض، دادخواست خود را به مراجع قضایی تقدیم نمایند. بدیهی است در صورت انقضای مدت مذکور و عدم وصول اعتراض طبق مقررات سند مالکیت صادر خواهد شد.
تاریخ انتشار نوبت اول: ۱۳۹۳/۵/۱ تاریخ انتشار نوبت دوم: ۱۳۹۳/۵/۱۶
داوود انصاری – رییس ثبت اسناد و املاک شهرستان کازرون
۳/۷۱۰
آگهی موضوع ماده ۳ قانون و ماده ۱۳ آیین نامه قانون تعیین تکلیف
وضعیت ثبتی و اراضی و ساختمانهای فاقد سند رسمی
برابر رای شماره ۱۳۹۳۶۰۳۱۱۰۰۲۰۰ مورخ ۱۳۹۳/۴/۲ هیات اول موضوع قانون تعیین تکلیف وضعیت ثبتی اراضی و ساختمانهای فاقد سند رسمی مستقر در واحد ثبتی حوزه ثبت ملک کازرون تصرفات مالکانه و بلامعارض متقاضی فرزند صادره از کازرون در ششدانگ یک باب خانه به مساحت مترمربع پلاک فرعی از اصلی مفروز و مجزی شده از پلاک فرعی از اصلی قطعه ۲ واقع در کازرون خریداری از مالک رسمی محرز گردیده است. لذا به منظور اطلاع عموم مراتب در دو نوبت به فاصله ۱۵ روز آگهی میشود در صورتی که اشخاص نسبت به صدور سند مالکیت متقاضی اعتراضی داشته باشند میتوانند از تاریخ انتشار اولین آگهی به مدت دو ماه اعتراض خود را به این اداره تسلیم و پس از اخذ رسید، ظرف مدت یک ماه از تاریخ تسلیم اعتراض، دادخواست خود را به مراجع قضایی تقدیم نمایند. بدیهی است در صورت انقضای مدت مذکور و عدم وصول اعتراض طبق مقررات سند مالکیت صادر خواهد شد.
تاریخ انتشار نوبت اول: ۱۳۹۳/۵/۱ تاریخ انتشار نوبت دوم: ۱۳۹۳/۵/۱۶
داوود انصاری – رییس ثبت اسناد و املاک شهرستان کازرون
۳/۷۰۸
آگهی موضوع ماده ۳ قانون و ماده ۱۳ آیین نامه قانون تعیین تکلیف
وضعیت ثبتی و اراضی و ساختمانهای فاقد سند رسمی
برابر رای شماره ۱۳۹۳۶۰۳۱۱۰۰۲۰۰ مورخ ۱۳۹۳/۴/۲ هیات اول موضوع قانون تعیین تکلیف وضعیت ثبتی اراضی و ساختمانهای فاقد سند رسمی مستقر در واحد ثبتی حوزه ثبت ملک کازرون تصرفات مالکانه و بلامعارض متقاضی فرزند صادره از کازرون در ششدانگ یک باب خانه به مساحت مترمربع پلاک فرعی از اصلی مفروز و مجزی شده از پلاک فرعی از اصلی قطعه ۲ واقع در کازرون خریداری از مالک رسمی محرز گردیده است. لذا به منظور اطلاع عموم مراتب در دو نوبت به فاصله ۱۵ روز آگهی میشود در صورتی که اشخاص نسبت به صدور سند مالکیت متقاضی اعتراضی داشته باشند میتوانند از تاریخ انتشار اولین آگهی به مدت دو ماه اعتراض خود را به این اداره تسلیم و پس از اخذ رسید، ظرف مدت یک ماه از تاریخ تسلیم اعتراض، دادخواست خود را به مراجع قضایی تقدیم نمایند. بدیهی است در صورت انقضای مدت مذکور و عدم وصول اعتراض طبق مقررات سند مالکیت صادر خواهد شد.
تاریخ انتشار نوبت اول: ۱۳۹۳/۵/۱ تاریخ انتشار نوبت دوم: ۱۳۹۳/۵/۱۶
داوود انصاری – رییس ثبت اسناد و املاک شهرستان کازرون
۳/۷۰۷
آگهی موضوع ماده ۳ قانون و ماده ۱۳ آیین نامه قانون تعیین تکلیف
وضعیت ثبتی و اراضی و ساختمانهای فاقد سند رسمی
برابر رای شماره ۱۳۹۳۶۰۳۱۱۰۰۲۰۰ مورخ ۱۳۹۳/۴/۲ هیات اول موضوع قانون تعیین تکلیف وضعیت ثبتی اراضی و ساختمانهای فاقد سند رسمی مستقر در واحد ثبتی حوزه ثبت ملک کازرون تصرفات مالکانه و بلامعارض متقاضی فرزند صادره از کازرون در ششدانگ یک باب خانه به مساحت مترمربع پلاک فرعی از اصلی مفروز و مجزی شده از پلاک فرعی از اصلی قطعه ۲ واقع در کازرون خریداری از مالک رسمی محرز گردیده است. لذا به منظور اطلاع عموم مراتب در دو نوبت به فاصله ۱۵ روز آگهی میشود در صورتی که اشخاص نسبت به صدور سند مالکیت متقاضی اعتراضی داشته باشند میتوانند از تاریخ انتشار اولین آگهی به مدت دو ماه اعتراض خود را به این اداره تسلیم و پس از اخذ رسید، ظرف مدت یک ماه از تاریخ تسلیم اعتراض، دادخواست خود را به مراجع قضایی تقدیم نمایند. بدیهی است در صورت انقضای مدت مذکور و عدم وصول اعتراض طبق مقررات سند مالکیت صادر خواهد شد.
تاریخ انتشار نوبت اول: ۱۳۹۳/۵/۱ تاریخ انتشار نوبت دوم: ۱۳۹۳/۵/۱۶
داوود انصاری – رییس ثبت اسناد و املاک شهرستان کازرون
۳/۷۰۷
آگهی موضوع ماده ۳ قانون و ماده ۱۳ آیین نامه قانون تعیین تکلیف
وضعیت ثبتی و اراضی و ساختمانهای فاقد سند رسمی
برابر رای شماره ۱۳۹۳۶۰۳۱۱۰۰۲۰۰ مورخ ۱۳۹۳/۴/۲ هیات اول موضوع قانون تعیین تکلیف وضعیت ثبتی اراضی و ساختمانهای فاقد سند رسمی مستقر در واحد ثبتی حوزه ثبت ملک کازرون تصرفات مالکانه و بلامعارض متقاضی فرزند صادره از کازرون در ششدانگ یک باب خانه به مساحت مترمربع پلاک فرعی از اصلی مفروز و مجزی شده از پلاک فرعی از اصلی قطعه ۲ واقع در کازرون خریداری از مالک رسمی محرز گردیده است. لذا به منظور اطلاع عموم مراتب در دو نوبت به فاصله ۱۵ روز آگهی میشود در صورتی که اشخاص نسبت به صدور سند مالکیت متقاضی اعتراضی داشته باشند میتوانند از تاریخ انتشار اولین آگهی به مدت دو ماه اعتراض
داوود انصاری – رییس ثبت اسناد و املاک شهرستان کازرون
۳/۷۰۷
